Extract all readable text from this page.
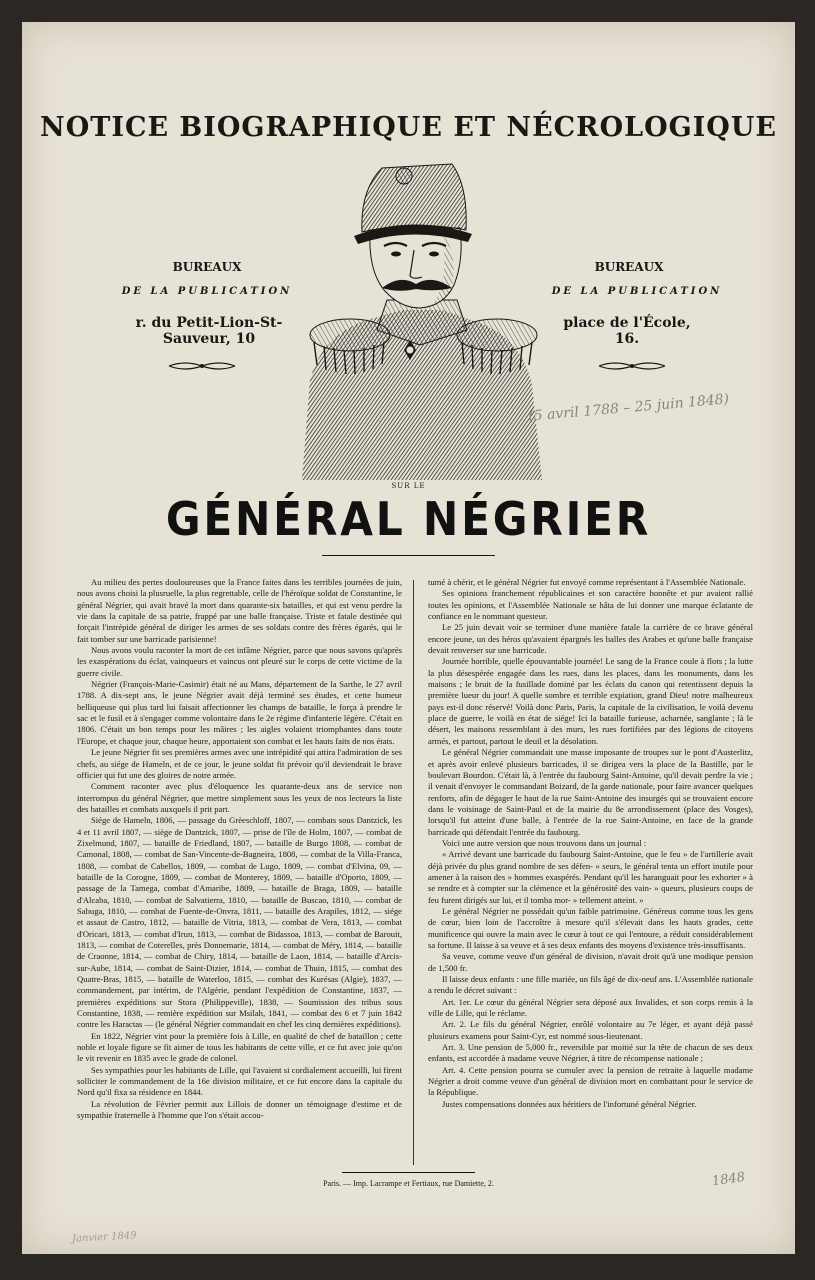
NOTICE BIOGRAPHIQUE ET NÉCROLOGIQUE
BUREAUX
DE LA PUBLICATION
r. du Petit-Lion-St-Sauveur, 10
BUREAUX
DE LA PUBLICATION
place de l'École, 16.
SUR LE
GÉNÉRAL NÉGRIER
(5 avril 1788 – 25 juin 1848)

Au milieu des pertes douloureuses que la France faites dans les terribles journées de juin, nous avons choisi la plusruelle, la plus regrettable, celle de l'héroïque soldat de Constantine, le général Négrier, qui avait bravé la mort dans quarante-six batailles, et qui est venu perdre la vie dans la capitale de sa patrie, frappé par une balle française. Triste et fatale destinée qui forçait l'intrépide général de diriger les armes de ses soldats contre des frères égarés, qui le fait tomber sur une barricade parisienne!

Nous avons voulu raconter la mort de cet infâme Négrier, parce que nous savons qu'après les exaspérations du éclat, vainqueurs et vaincus ont pleuré sur le corps de cette victime de la guerre civile.

Négrier (François-Marie-Casimir) était né au Mans, département de la Sarthe, le 27 avril 1788. A dix-sept ans, le jeune Négrier avait déjà terminé ses études, et cette humeur belliqueuse qui plus tard lui faisait affectionner les champs de bataille, le força à prendre le sac et le fusil et à s'engager comme volontaire dans le 2e régime d'infanterie légère. C'était en 1806. C'était un bon temps pour les mâires ; les aigles volaient triomphantes dans toute l'Europe, et chaque jour, chaque heure, apportaient son combat et les hauts faits de nos états.

Le jeune Négrier fit ses premières armes avec une intrépidité qui attira l'admiration de ses chefs, au siége de Hameln, et de ce jour, le jeune soldat fit prévoir qu'il deviendrait le brave officier qui fut une des gloires de notre armée.

Comment raconter avec plus d'éloquence les quarante-deux ans de service non interrompus du général Négrier, que mettre simplement sous les yeux de nos lecteurs la liste des batailles et combats auxquels il prit part.

Siége de Hameln, 1806, — passage du Grèeschloff, 1807, — combats sous Dantzick, les 4 et 11 avril 1807, — siège de Dantzick, 1807, — prise de l'île de Holm, 1807, — combat de Zixelmund, 1807, — bataille de Friedland, 1807, — bataille de Burgo 1808, — combat de Camonal, 1808, — combat de San-Vincente-de-Bagneira, 1808, — combat de la Villa-Franca, 1808, — combat de Cabellos, 1809, — combat de Lugo, 1809, — combat d'Elvina, 09, — bataille de la Corogne, 1809, — combat de Monterey, 1809, — bataille d'Oporto, 1809, — passage de la Tamega, combat d'Amaribe, 1809, — bataille de Braga, 1809, — bataille d'Alcaba, 1810, — combat de Salvatierra, 1810, — bataille de Buscao, 1810, — combat de Sabuga, 1810, — combat de Fuente-de-Onvra, 1811, — bataille des Arapiles, 1812, — siége et assaut de Castro, 1812, — bataille de Vitria, 1813, — combat de Vera, 1813, — combat d'Oricari, 1813, — combat d'Irun, 1813, — combat de Bidassoa, 1813, — combat de Barouit, 1813, — combat de Coterelles, près Donnemarie, 1814, — combat de Méry, 1814, — bataille de Craonne, 1814, — combat de Chiry, 1814, — bataille de Laon, 1814, — bataille d'Arcis-sur-Aube, 1814, — combat de Saint-Dizier, 1814, — combat de Thuin, 1815, — combat des Quatre-Bras, 1815, — bataille de Waterloo, 1815, — combat des Kurésas (Algie), 1837, — commandement, par intérim, de l'Algérie, pendant l'expédition de Constantine, 1837, — premières expéditions sur Stora (Philippeville), 1838, — Soumission des tribus sous Constantine, 1838, — remière expédition sur Msilah, 1841, — combat des 6 et 7 juin 1842 contre les Haractas — (le général Négrier commandait en chef les cinq dernières expéditions).

En 1822, Négrier vint pour la première fois à Lille, en qualité de chef de bataillon ; cette noble et loyale figure se fit aimer de tous les habitants de cette ville, et ce fut avec joie qu'on le vit revenir en 1835 avec le grade de colonel.

Ses sympathies pour les habitants de Lille, qui l'avaient si cordialement accueilli, lui firent solliciter le commandement de la 16e division militaire, et ce fut encore dans la capitale du Nord qu'il fixa sa résidence en 1844.

La révolution de Février permit aux Lillois de donner un témoignage d'estime et de sympathie fraternelle à l'homme que l'on s'était accou-

tumé à chérir, et le général Négrier fut envoyé comme représentant à l'Assemblée Nationale.

Ses opinions franchement républicaines et son caractère honnête et pur avaient rallié toutes les opinions, et l'Assemblée Nationale se hâta de lui donner une marque éclatante de confiance en le nommant questeur.

Le 25 juin devait voir se terminer d'une manière fatale la carrière de ce brave général encore jeune, un des héros qu'avaient épargnés les balles des Arabes et qu'une balle française devait renverser sur une barricade.

Journée horrible, quelle épouvantable journée! Le sang de la France coule à flots ; la lutte la plus désespérée engagée dans les rues, dans les places, dans les monuments, dans les maisons ; le bruit de la fusillade dominé par les éclats du canon qui retentissent depuis la première lueur du jour! A quelle sombre et terrible expiation, grand Dieu! notre malheureux pays est-il donc réservé! Voilà donc Paris, Paris, la capitale de la civilisation, le voilà devenu place de guerre, le voilà en état de siége! Ici la bataille furieuse, acharnée, sanglante ; là le désert, les maisons ressemblant à des murs, les rues fortifiées par des légions de citoyens armés, et partout, partout le deuil et la désolation.

Le général Négrier commandait une masse imposante de troupes sur le pont d'Austerlitz, et après avoir enlevé plusieurs barricades, il se dirigea vers la place de la Bastille, par le boulevart Bourdon. C'était là, à l'entrée du faubourg Saint-Antoine, qu'il devait perdre la vie ; il venait d'envoyer le commandant Boizard, de la garde nationale, pour faire avancer quelques renforts, afin de dégager le haut de la rue Saint-Antoine des insurgés qui se trouvaient encore dans le voisinage de Saint-Paul et de la mairie du 8e arrondissement (place des Vosges), lorsqu'il fut atteint d'une balle, à l'entrée de la rue Saint-Antoine, en face de la grande barricade qui défendait l'entrée du faubourg.

Voici une autre version que nous trouvons dans un journal :

« Arrivé devant une barricade du faubourg Saint-Antoine, que le feu » de l'artillerie avait déjà privée du plus grand nombre de ses défen- » seurs, le général tenta un effort inutile pour amener à la raison des » hommes exaspérés. Pendant qu'il les haranguait pour les exhorter » à se rendre et à compter sur la clémence et la générosité des vain- » queurs, plusieurs coups de feu furent dirigés sur lui, et il tomba mor- » tellement atteint. »

Le général Négrier ne possédait qu'un faible patrimoine. Généreux comme tous les gens de cœur, bien loin de l'accroître à mesure qu'il s'élevait dans les hauts grades, cette munificence qui ouvre la main avec le cœur à tout ce qui l'entoure, a réduit considérablement sa fortune. Il laisse à sa veuve et à ses deux enfants des moyens d'existence très-insuffisants.

Sa veuve, comme veuve d'un général de division, n'avait droit qu'à une modique pension de 1,500 fr.

Il laisse deux enfants : une fille mariée, un fils âgé de dix-neuf ans. L'Assemblée nationale a rendu le décret suivant :

Art. 1er. Le cœur du général Négrier sera déposé aux Invalides, et son corps remis à la ville de Lille, qui le réclame.

Art. 2. Le fils du général Négrier, enrôlé volontaire au 7e léger, et ayant déjà passé plusieurs examens pour Saint-Cyr, est nommé sous-lieutenant.

Art. 3. Une pension de 5,000 fr., reversible par moitié sur la tête de chacun de ses deux enfants, est accordée à madame veuve Négrier, à titre de récompense nationale ;

Art. 4. Cette pension pourra se cumuler avec la pension de retraite à laquelle madame Négrier a droit comme veuve d'un général de division mort en combattant pour le service de la République.

Justes compensations données aux héritiers de l'infortuné général Négrier.

Paris. — Imp. Lacrampe et Fertiaux, rue Damiette, 2.	1848
Janvier 1849
